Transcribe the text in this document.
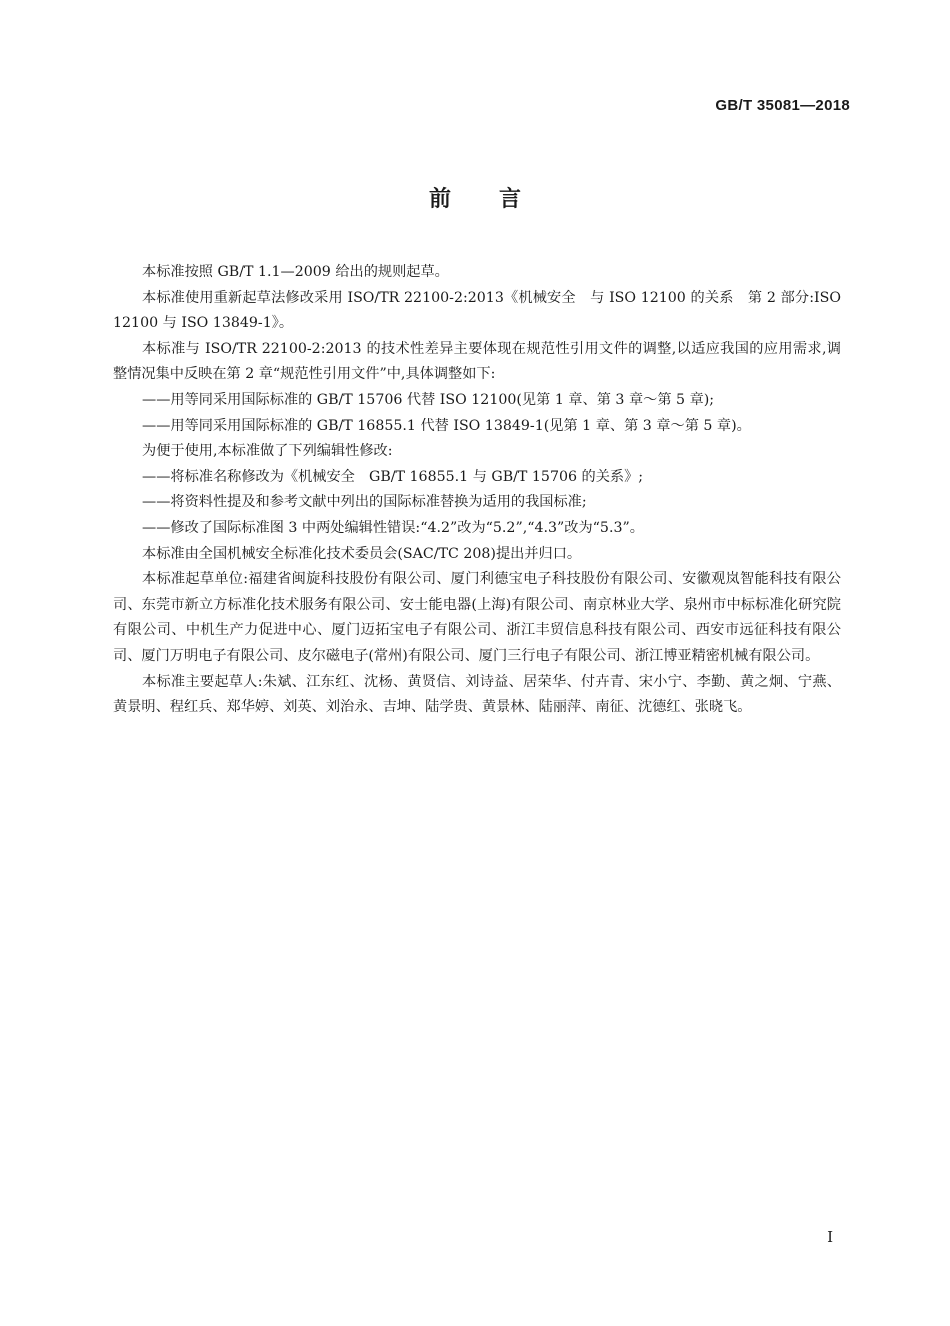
GB/T 35081—2018
前言

本标准按照 GB/T 1.1—2009 给出的规则起草。

本标准使用重新起草法修改采用 ISO/TR 22100-2:2013《机械安全　与 ISO 12100 的关系　第 2 部分:ISO 12100 与 ISO 13849-1》。

本标准与 ISO/TR 22100-2:2013 的技术性差异主要体现在规范性引用文件的调整,以适应我国的应用需求,调整情况集中反映在第 2 章“规范性引用文件”中,具体调整如下:

——用等同采用国际标准的 GB/T 15706 代替 ISO 12100(见第 1 章、第 3 章～第 5 章);

——用等同采用国际标准的 GB/T 16855.1 代替 ISO 13849-1(见第 1 章、第 3 章～第 5 章)。

为便于使用,本标准做了下列编辑性修改:

——将标准名称修改为《机械安全　GB/T 16855.1 与 GB/T 15706 的关系》;

——将资料性提及和参考文献中列出的国际标准替换为适用的我国标准;

——修改了国际标准图 3 中两处编辑性错误:“4.2”改为“5.2”,“4.3”改为“5.3”。

本标准由全国机械安全标准化技术委员会(SAC/TC 208)提出并归口。

本标准起草单位:福建省闽旋科技股份有限公司、厦门利德宝电子科技股份有限公司、安徽观岚智能科技有限公司、东莞市新立方标准化技术服务有限公司、安士能电器(上海)有限公司、南京林业大学、泉州市中标标准化研究院有限公司、中机生产力促进中心、厦门迈拓宝电子有限公司、浙江丰贸信息科技有限公司、西安市远征科技有限公司、厦门万明电子有限公司、皮尔磁电子(常州)有限公司、厦门三行电子有限公司、浙江博亚精密机械有限公司。

本标准主要起草人:朱斌、江东红、沈杨、黄贤信、刘诗益、居荣华、付卉青、宋小宁、李勤、黄之炯、宁燕、黄景明、程红兵、郑华婷、刘英、刘治永、吉坤、陆学贵、黄景林、陆丽萍、南征、沈德红、张晓飞。

I
